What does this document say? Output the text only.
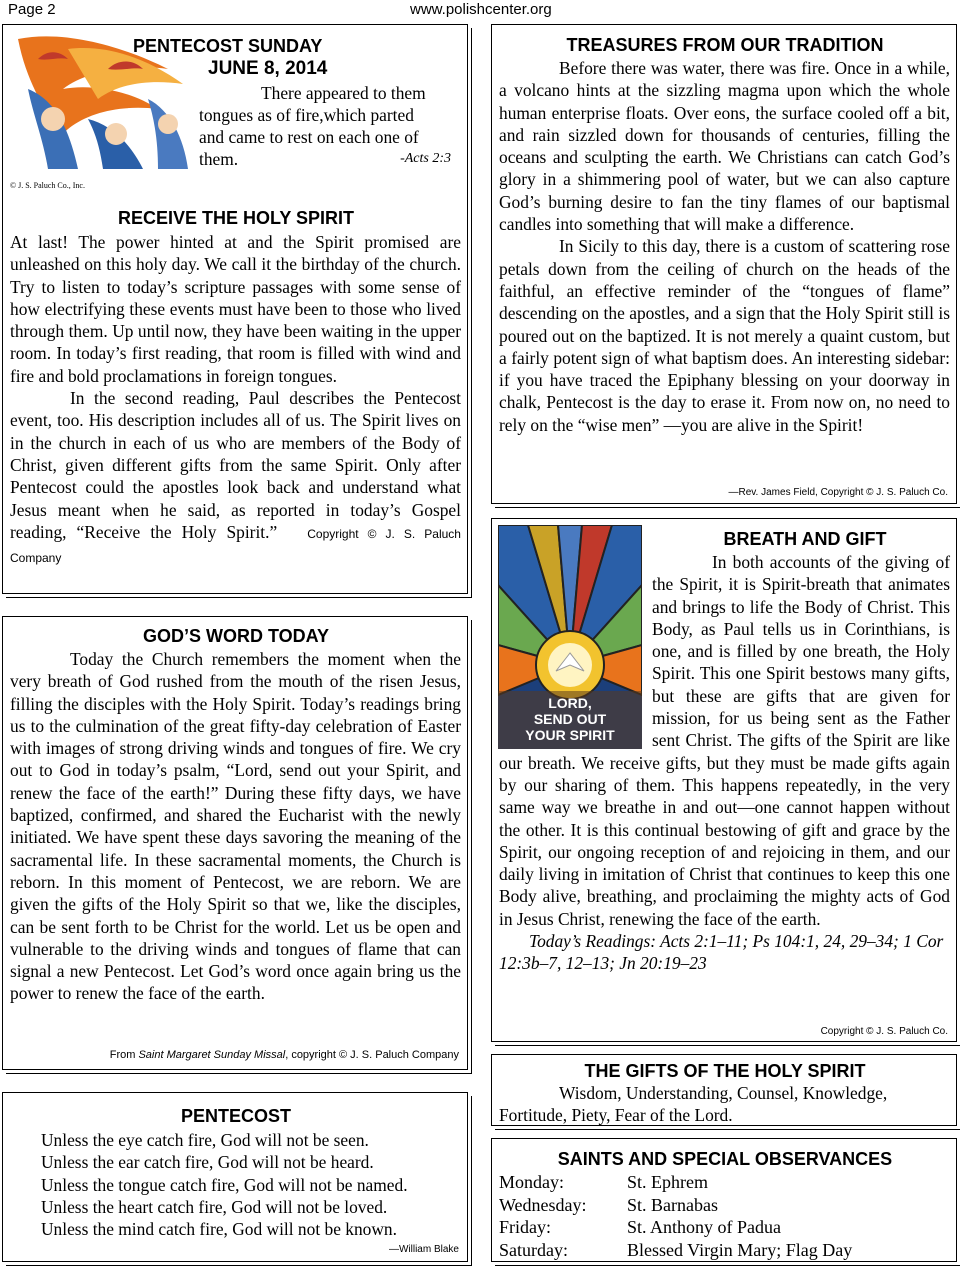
Page 2	www.polishcenter.org
© J. S. Paluch Co., Inc.
PENTECOST SUNDAY
JUNE 8, 2014
There appeared to them
tongues as of fire,which parted
and came to rest on each one of
them.	-Acts 2:3
RECEIVE THE HOLY SPIRIT

At last! The power hinted at and the Spirit promised are unleashed on this holy day. We call it the birthday of the church. Try to listen to today’s scripture passages with some sense of how electrifying these events must have been to those who lived through them. Up until now, they have been waiting in the upper room. In today’s first reading, that room is filled with wind and fire and bold proclamations in foreign tongues.

In the second reading, Paul describes the Pentecost event, too. His description includes all of us. The Spirit lives on in the church in each of us who are members of the Body of Christ, given different gifts from the same Spirit. Only after Pentecost could the apostles look back and understand what Jesus meant when he said, as reported in today’s Gospel reading, “Receive the Holy Spirit.”	Copyright © J. S. Paluch Company

GOD’S WORD TODAY
Today the Church remembers the moment when the very breath of God rushed from the mouth of the risen Jesus, filling the disciples with the Holy Spirit. Today’s readings bring us to the culmination of the great fifty-day celebration of Easter with images of strong driving winds and tongues of fire. We cry out to God in today’s psalm, “Lord, send out your Spirit, and renew the face of the earth!” During these fifty days, we have baptized, confirmed, and shared the Eucharist with the newly initiated. We have spent these days savoring the meaning of the sacramental life. In these sacramental moments, the Church is reborn. In this moment of Pentecost, we are reborn. We are given the gifts of the Holy Spirit so that we, like the disciples, can be sent forth to be Christ for the world. Let us be open and vulnerable to the driving winds and tongues of flame that can signal a new Pentecost. Let God’s word once again bring us the power to renew the face of the earth.
From Saint Margaret Sunday Missal, copyright © J. S. Paluch Company
PENTECOST
Unless the eye catch fire, God will not be seen.
Unless the ear catch fire, God will not be heard.
Unless the tongue catch fire, God will not be named.
Unless the heart catch fire, God will not be loved.
Unless the mind catch fire, God will not be known.
—William Blake
TREASURES FROM OUR TRADITION

Before there was water, there was fire. Once in a while, a volcano hints at the sizzling magma upon which the whole human enterprise floats. Over eons, the surface cooled off a bit, and rain sizzled down for thousands of centuries, filling the oceans and sculpting the earth. We Christians can catch God’s glory in a shimmering pool of water, but we can also capture God’s burning desire to fan the tiny flames of our baptismal candles into something that will make a difference.

In Sicily to this day, there is a custom of scattering rose petals down from the ceiling of church on the heads of the faithful, an effective reminder of the “tongues of flame” descending on the apostles, and a sign that the Holy Spirit still is poured out on the baptized. It is not merely a quaint custom, but a fairly potent sign of what baptism does. An interesting sidebar: if you have traced the Epiphany blessing on your doorway in chalk, Pentecost is the day to erase it. From now on, no need to rely on the “wise men” —you are alive in the Spirit!

—Rev. James Field, Copyright © J. S. Paluch Co.
LORD,
SEND OUT
YOUR SPIRIT
BREATH AND GIFT

In both accounts of the giving of the Spirit, it is Spirit-breath that animates and brings to life the Body of Christ. This Body, as Paul tells us in Corinthians, is one, and is filled by one breath, the Holy Spirit. This one Spirit bestows many gifts, but these are gifts that are given for mission, for us being sent as the Father sent Christ. The gifts of the Spirit are like our breath. We receive gifts, but they must be made gifts again by our sharing of them. This happens repeatedly, in the very same way we breathe in and out—one cannot happen without the other. It is this continual bestowing of gift and grace by the Spirit, our ongoing reception of and rejoicing in them, and our daily living in imitation of Christ that continues to keep this one Body alive, breathing, and proclaiming the mighty acts of God in Jesus Christ, renewing the face of the earth.

Today’s Readings: Acts 2:1–11; Ps 104:1, 24, 29–34; 1 Cor 12:3b–7, 12–13; Jn 20:19–23

Copyright © J. S. Paluch Co.
THE GIFTS OF THE HOLY SPIRIT
Wisdom, Understanding, Counsel, Knowledge, Fortitude, Piety, Fear of the Lord.
SAINTS AND SPECIAL OBSERVANCES
Monday:	St. Ephrem
Wednesday:	St. Barnabas
Friday:	St. Anthony of Padua
Saturday:	Blessed Virgin Mary; Flag Day
